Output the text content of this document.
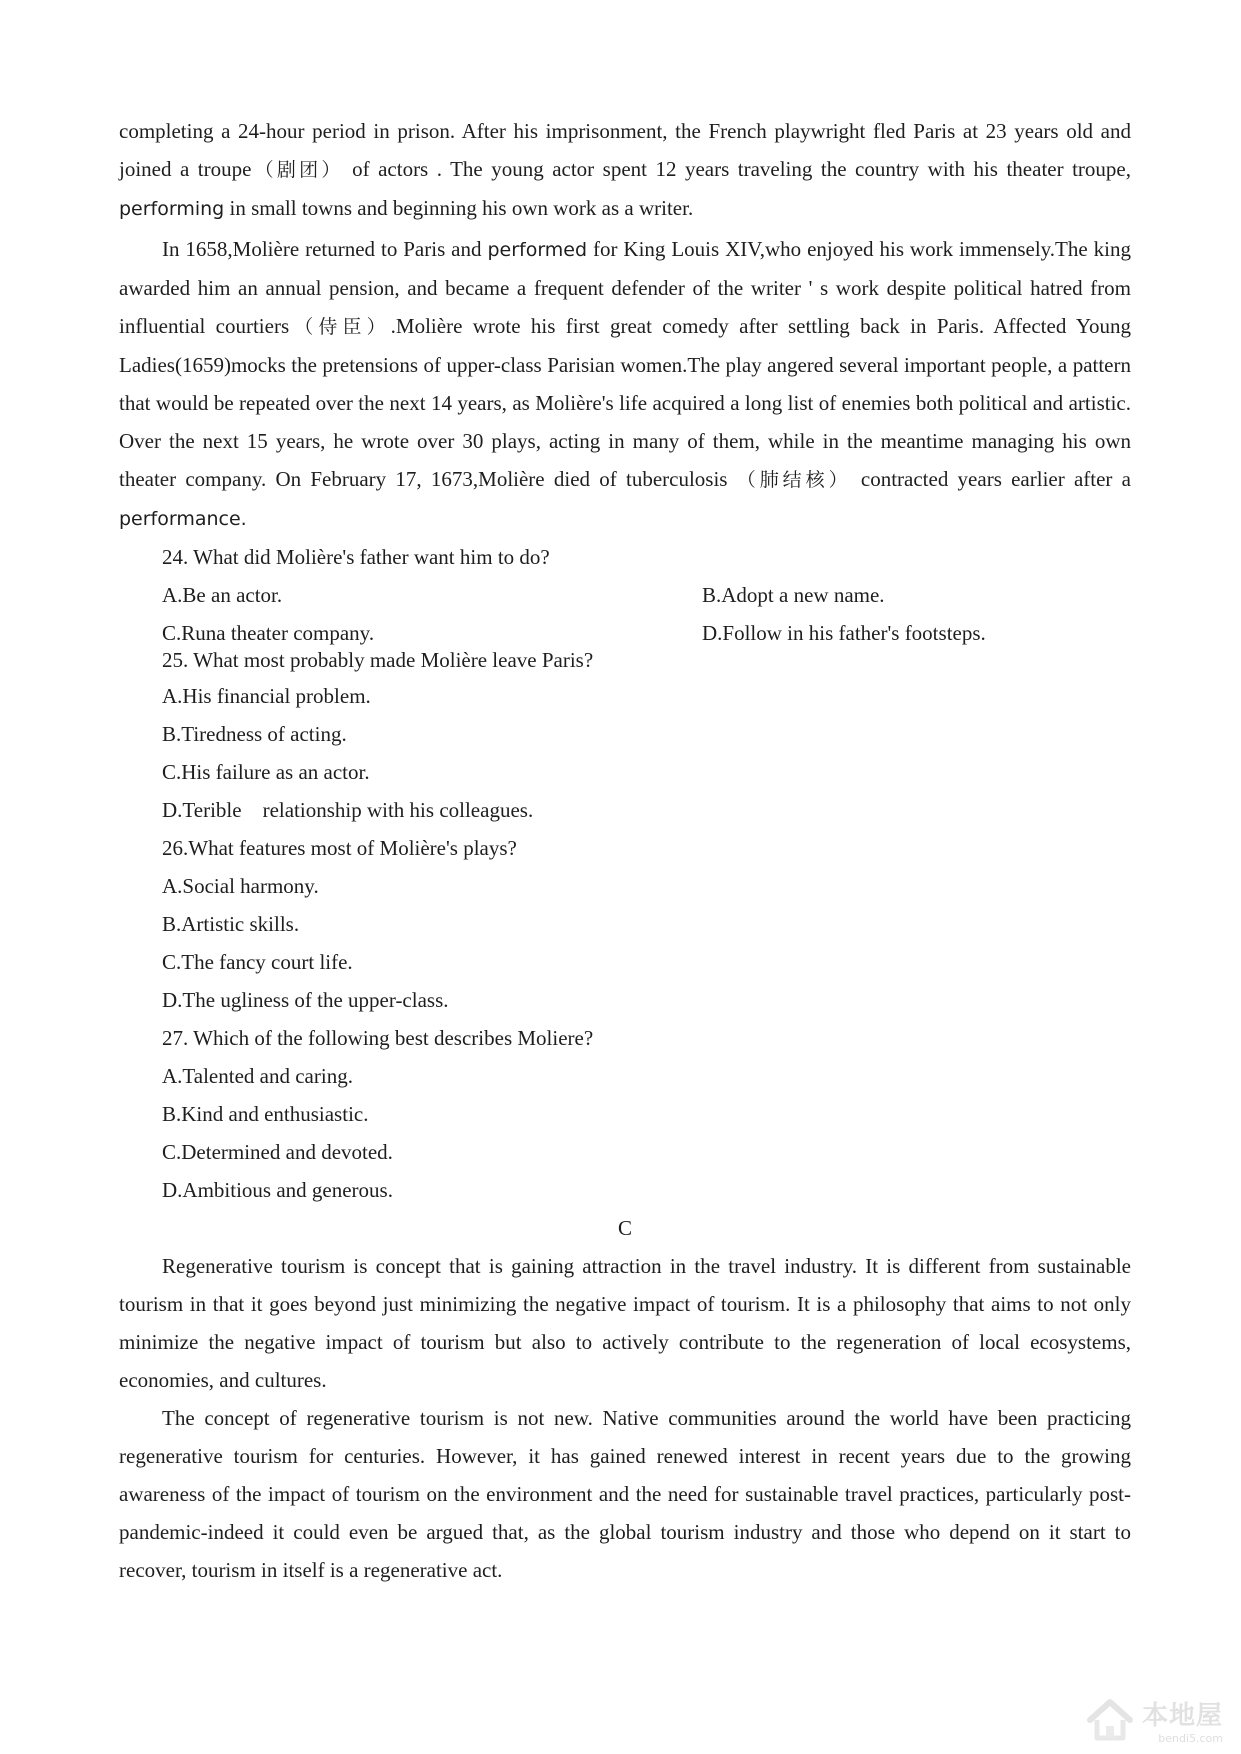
completing a 24-hour period in prison. After his imprisonment, the French playwright fled Paris at 23 years old and joined a troupe（剧团） of actors . The young actor spent 12 years traveling the country with his theater troupe, performing in small towns and beginning his own work as a writer.

In 1658,Molière returned to Paris and performed for King Louis XIV,who enjoyed his work immensely.The king awarded him an annual pension, and became a frequent defender of the writer ' s work despite political hatred from influential courtiers（侍臣）.Molière wrote his first great comedy after settling back in Paris. Affected Young Ladies(1659)mocks the pretensions of upper-class Parisian women.The play angered several important people, a pattern that would be repeated over the next 14 years, as Molière's life acquired a long list of enemies both political and artistic. Over the next 15 years, he wrote over 30 plays, acting in many of them, while in the meantime managing his own theater company. On February 17, 1673,Molière died of tuberculosis （肺结核） contracted years earlier after a performance.

24. What did Molière's father want him to do?

A.Be an actor.	B.Adopt a new name.
C.Runa theater company.	D.Follow in his father's footsteps.

25. What most probably made Molière leave Paris?

A.His financial problem.

B.Tiredness of acting.

C.His failure as an actor.

D.Terible    relationship with his colleagues.

26.What features most of Molière's plays?

A.Social harmony.

B.Artistic skills.

C.The fancy court life.

D.The ugliness of the upper-class.

27. Which of the following best describes Moliere?

A.Talented and caring.

B.Kind and enthusiastic.

C.Determined and devoted.

D.Ambitious and generous.

C

Regenerative tourism is concept that is gaining attraction in the travel industry. It is different from sustainable tourism in that it goes beyond just minimizing the negative impact of tourism. It is a philosophy that aims to not only minimize the negative impact of tourism but also to actively contribute to the regeneration of local ecosystems, economies, and cultures.

The concept of regenerative tourism is not new. Native communities around the world have been practicing regenerative tourism for centuries. However, it has gained renewed interest in recent years due to the growing awareness of the impact of tourism on the environment and the need for sustainable travel practices, particularly post-pandemic-indeed it could even be argued that, as the global tourism industry and those who depend on it start to recover, tourism in itself is a regenerative act.

本地屋
bendi5.com
